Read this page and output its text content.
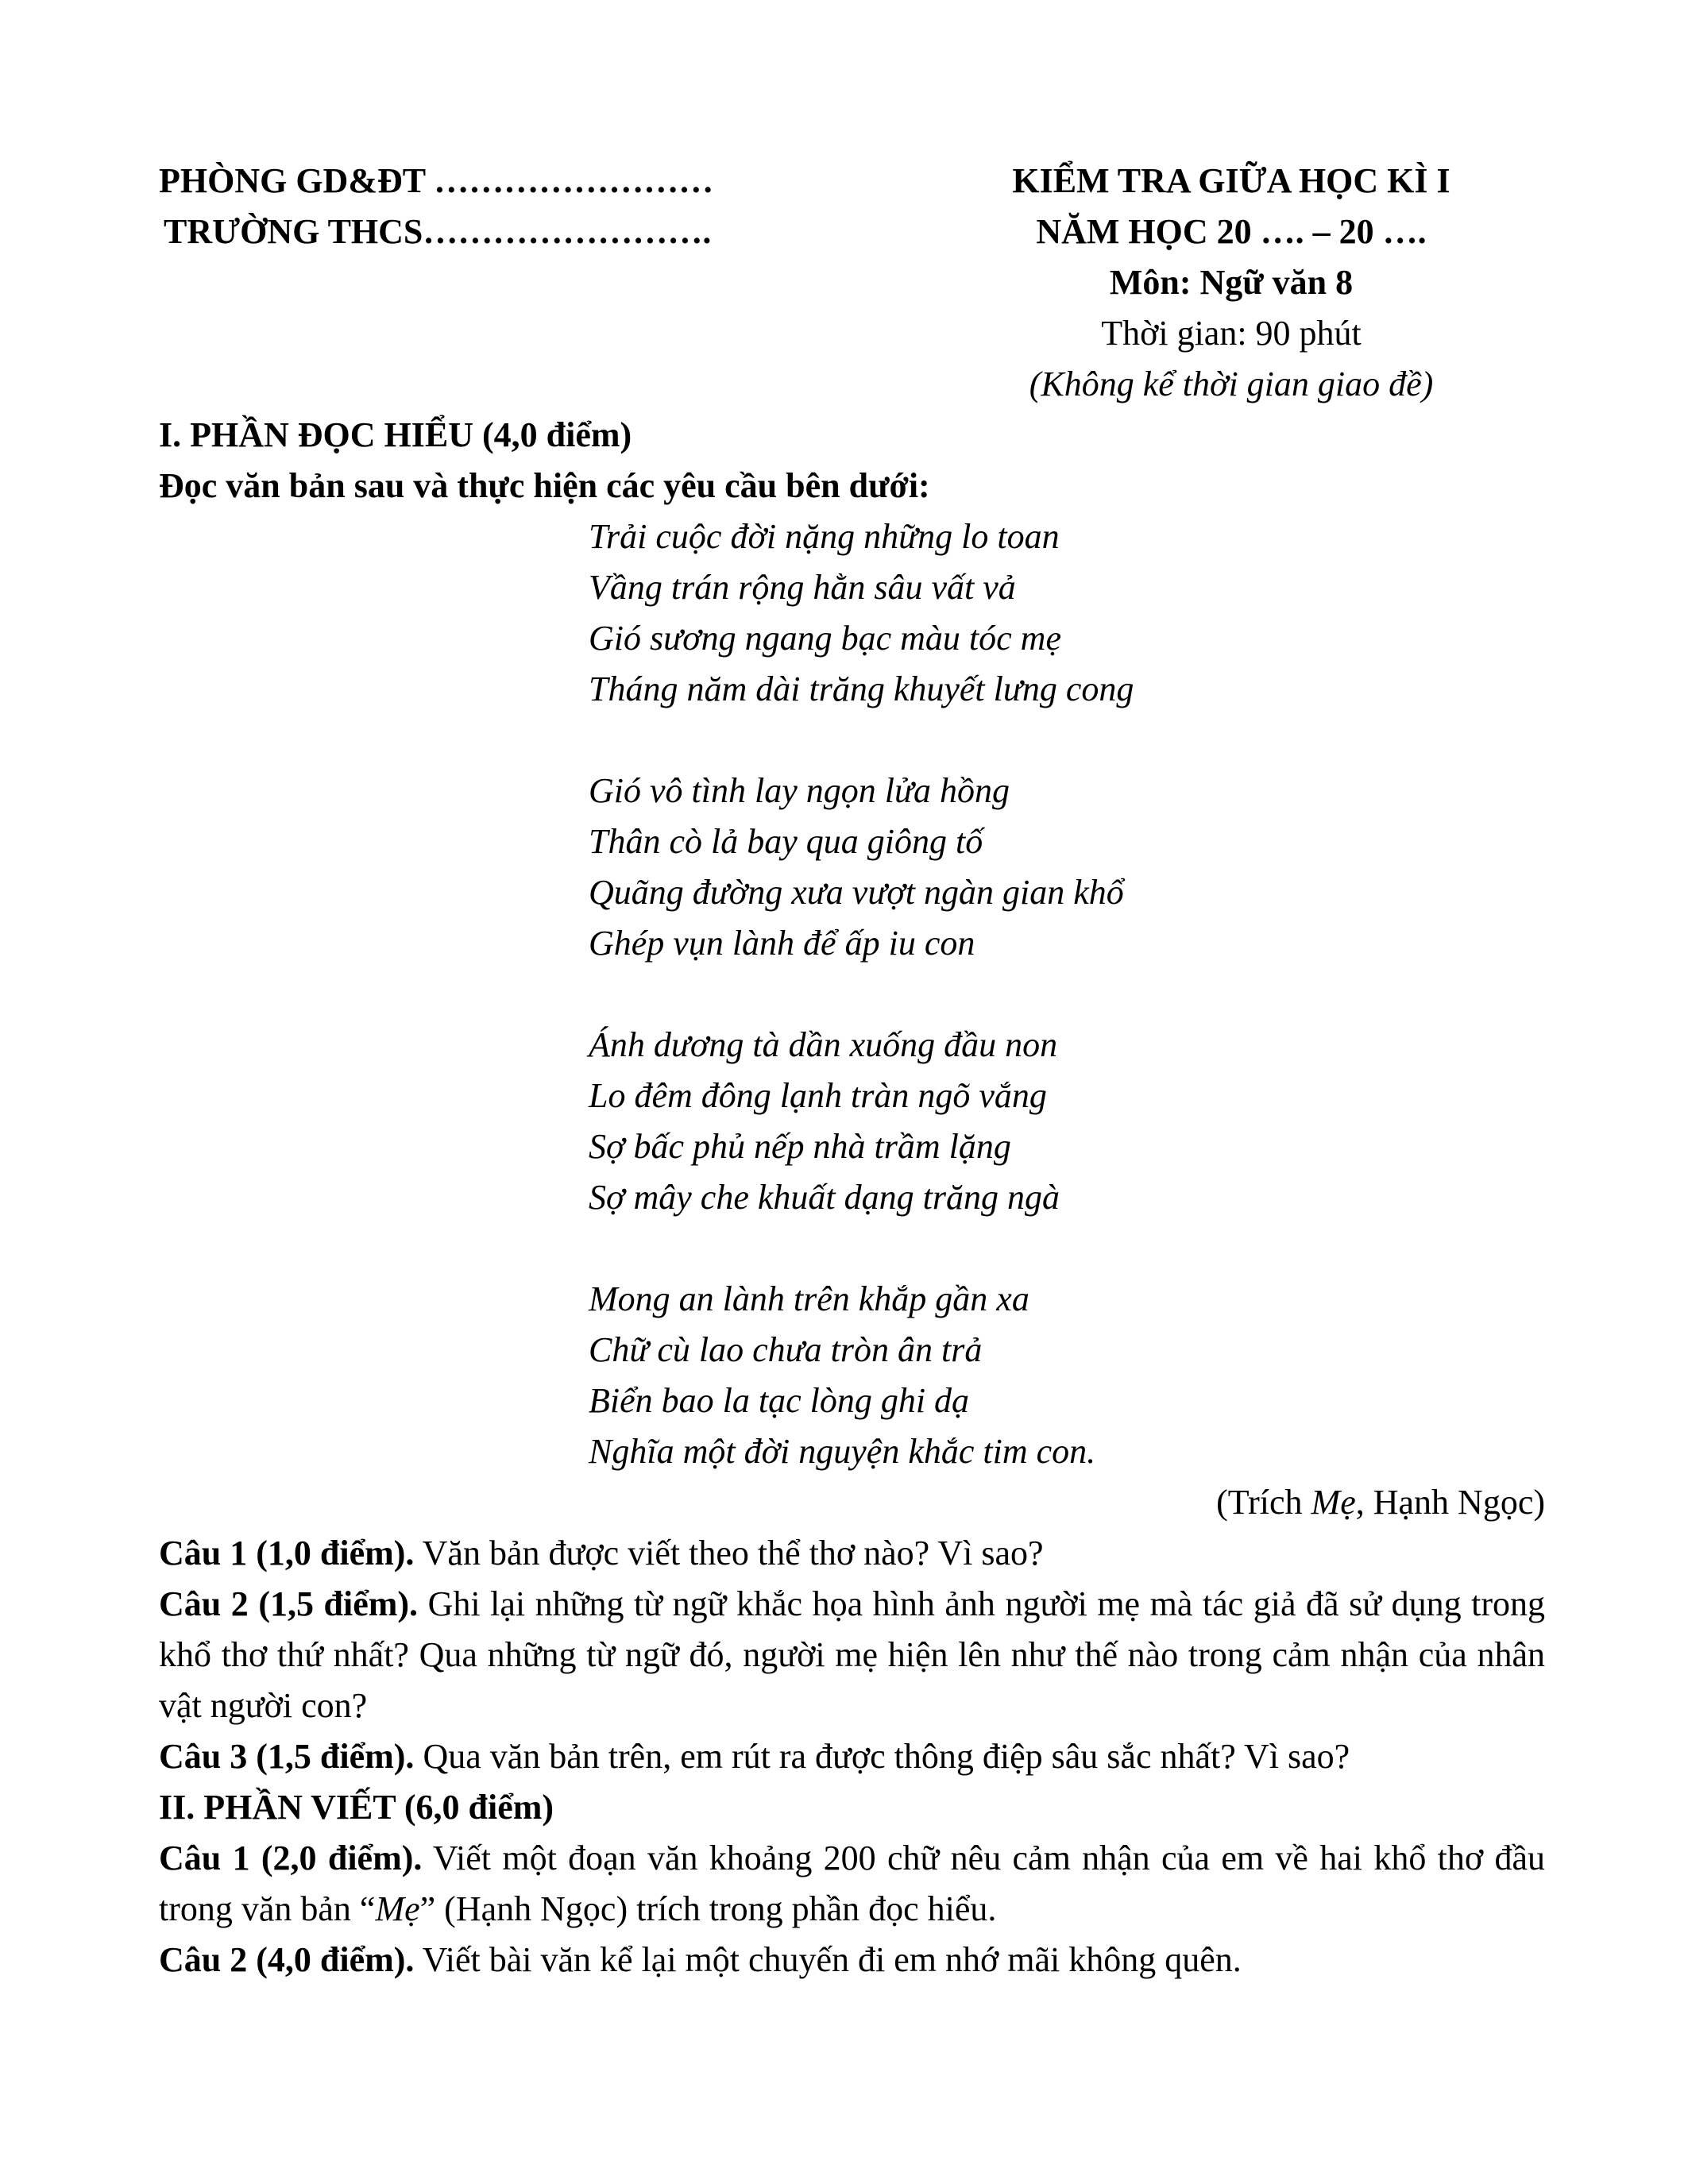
PHÒNG GD&ĐT ……………………
TRƯỜNG THCS…………………….
KIỂM TRA GIỮA HỌC KÌ I
NĂM HỌC 20 …. – 20 ….
Môn: Ngữ văn 8
Thời gian: 90 phút
(Không kể thời gian giao đề)

I. PHẦN ĐỌC HIỂU (4,0 điểm)

Đọc văn bản sau và thực hiện các yêu cầu bên dưới:

Trải cuộc đời nặng những lo toan
Vầng trán rộng hằn sâu vất vả
Gió sương ngang bạc màu tóc mẹ
Tháng năm dài trăng khuyết lưng cong
Gió vô tình lay ngọn lửa hồng
Thân cò lả bay qua giông tố
Quãng đường xưa vượt ngàn gian khổ
Ghép vụn lành để ấp iu con
Ánh dương tà dần xuống đầu non
Lo đêm đông lạnh tràn ngõ vắng
Sợ bấc phủ nếp nhà trầm lặng
Sợ mây che khuất dạng trăng ngà
Mong an lành trên khắp gần xa
Chữ cù lao chưa tròn ân trả
Biển bao la tạc lòng ghi dạ
Nghĩa một đời nguyện khắc tim con.

(Trích Mẹ, Hạnh Ngọc)

Câu 1 (1,0 điểm). Văn bản được viết theo thể thơ nào? Vì sao?

Câu 2 (1,5 điểm). Ghi lại những từ ngữ khắc họa hình ảnh người mẹ mà tác giả đã sử dụng trong khổ thơ thứ nhất? Qua những từ ngữ đó, người mẹ hiện lên như thế nào trong cảm nhận của nhân vật người con?

Câu 3 (1,5 điểm). Qua văn bản trên, em rút ra được thông điệp sâu sắc nhất? Vì sao?

II. PHẦN VIẾT (6,0 điểm)

Câu 1 (2,0 điểm). Viết một đoạn văn khoảng 200 chữ nêu cảm nhận của em về hai khổ thơ đầu trong văn bản “Mẹ” (Hạnh Ngọc) trích trong phần đọc hiểu.

Câu 2 (4,0 điểm). Viết bài văn kể lại một chuyến đi em nhớ mãi không quên.
